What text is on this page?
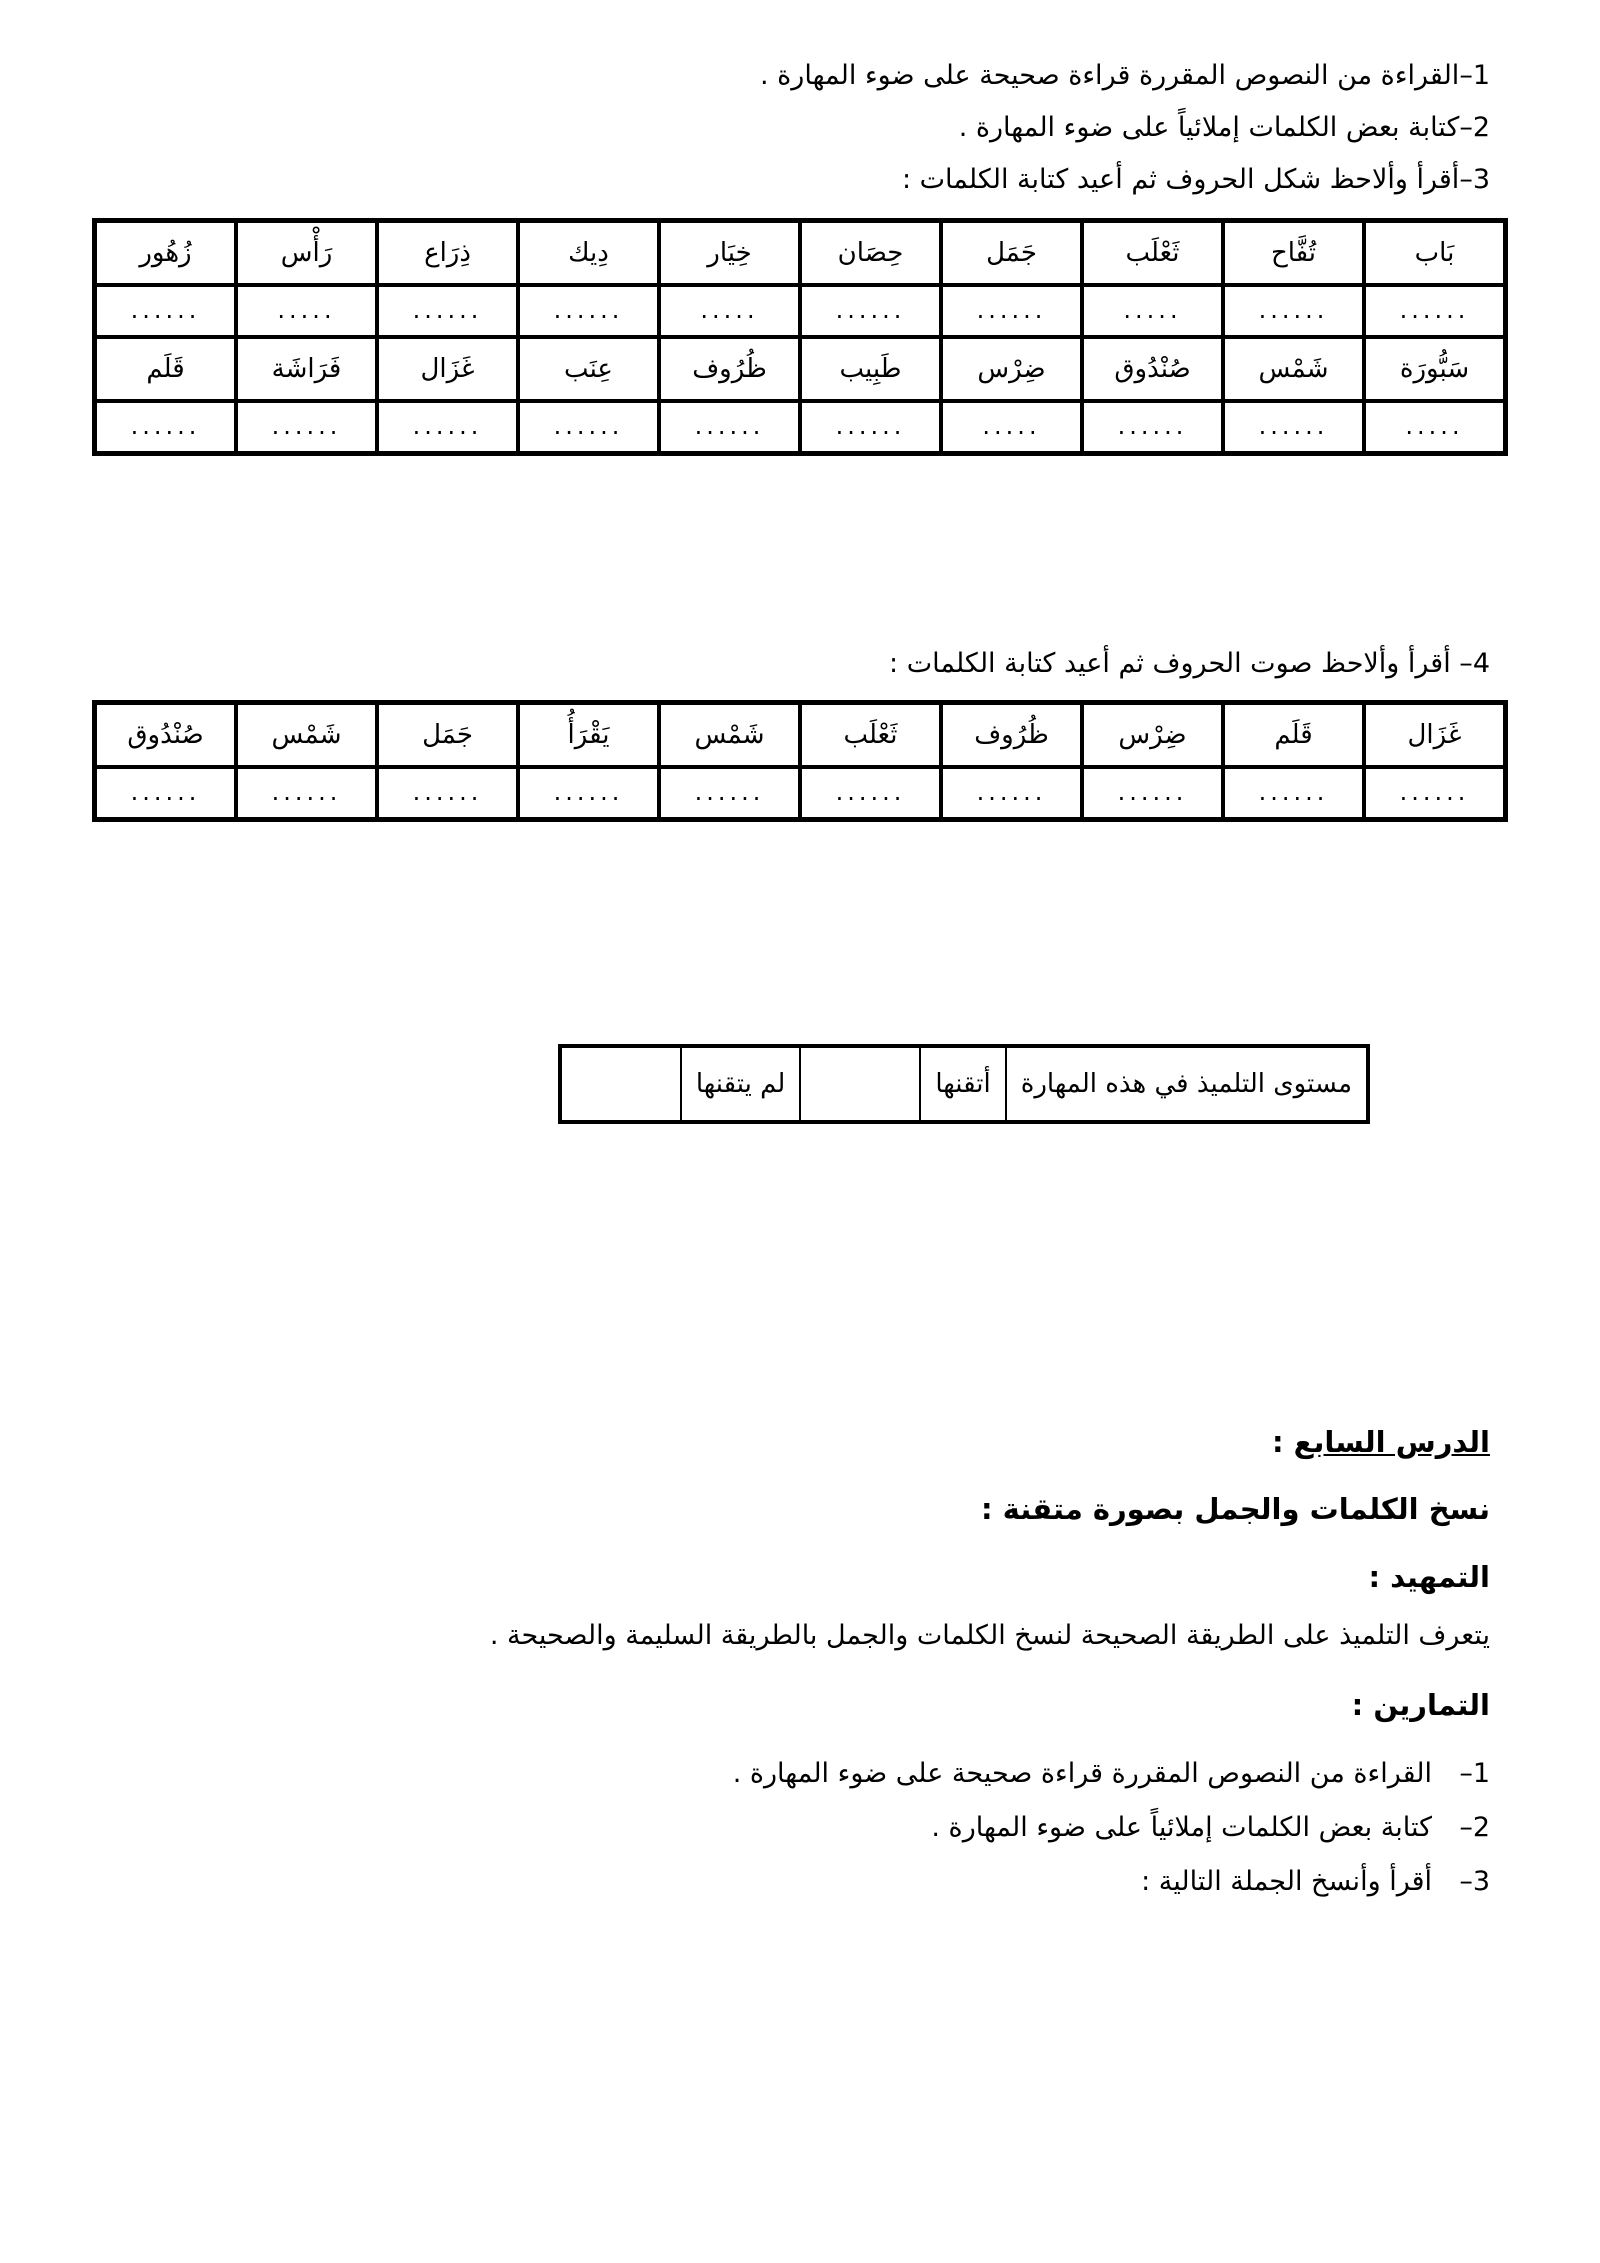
1–القراءة من النصوص المقررة قراءة صحيحة على ضوء المهارة .
2–كتابة بعض الكلمات إملائياً على ضوء المهارة .
3–أقرأ وألاحظ شكل الحروف ثم أعيد كتابة الكلمات :
بَاب	تُفَّاح	ثَعْلَب	جَمَل	حِصَان	خِيَار	دِيك	ذِرَاع	رَأْس	زُهُور
......	......	.....	......	......	.....	......	......	.....	......
سَبُّورَة	شَمْس	صُنْدُوق	ضِرْس	طَبِيب	ظُرُوف	عِنَب	غَزَال	فَرَاشَة	قَلَم
.....	......	......	.....	......	......	......	......	......	......
4– أقرأ وألاحظ صوت الحروف ثم أعيد كتابة الكلمات :
غَزَال	قَلَم	ضِرْس	ظُرُوف	ثَعْلَب	شَمْس	يَقْرَأُ	جَمَل	شَمْس	صُنْدُوق
......	......	......	......	......	......	......	......	......	......
مستوى التلميذ في هذه المهارة	أتقنها		لم يتقنها	
الدرس السابع :
نسخ الكلمات والجمل بصورة متقنة :
التمهيد :
يتعرف التلميذ على الطريقة الصحيحة لنسخ الكلمات والجمل بالطريقة السليمة والصحيحة .
التمارين :
1–القراءة من النصوص المقررة قراءة صحيحة على ضوء المهارة .
2–كتابة بعض الكلمات إملائياً على ضوء المهارة .
3–أقرأ وأنسخ الجملة التالية :
